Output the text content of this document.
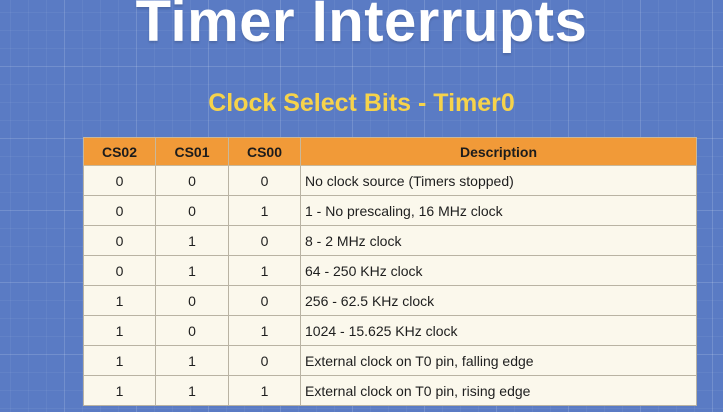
Timer Interrupts
Clock Select Bits - Timer0
CS02	CS01	CS00	Description
0	0	0	No clock source (Timers stopped)
0	0	1	1 - No prescaling, 16 MHz clock
0	1	0	8 - 2 MHz clock
0	1	1	64 - 250 KHz clock
1	0	0	256 - 62.5 KHz clock
1	0	1	1024 - 15.625 KHz clock
1	1	0	External clock on T0 pin, falling edge
1	1	1	External clock on T0 pin, rising edge
